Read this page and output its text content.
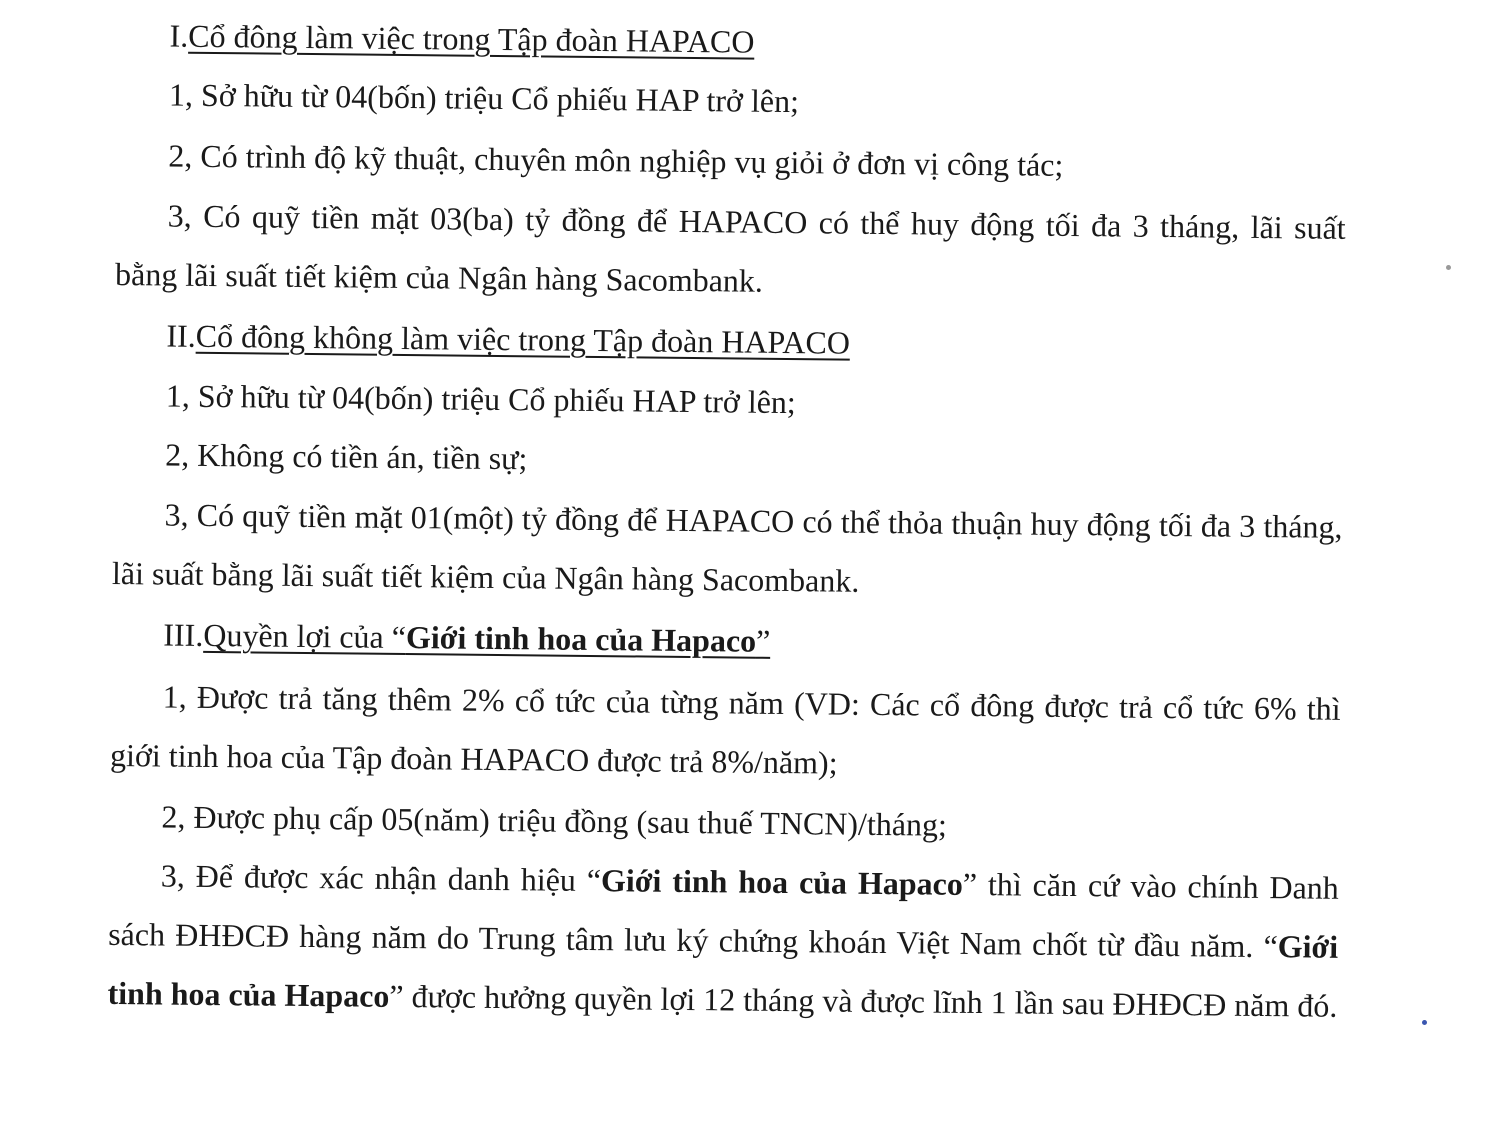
I.Cổ đông làm việc trong Tập đoàn HAPACO
1, Sở hữu từ 04(bốn) triệu Cổ phiếu HAP trở lên;
2, Có trình độ kỹ thuật, chuyên môn nghiệp vụ giỏi ở đơn vị công tác;
3, Có quỹ tiền mặt 03(ba) tỷ đồng để HAPACO có thể huy động tối đa 3 tháng, lãi suất bằng lãi suất tiết kiệm của Ngân hàng Sacombank.
II.Cổ đông không làm việc trong Tập đoàn HAPACO
1, Sở hữu từ 04(bốn) triệu Cổ phiếu HAP trở lên;
2, Không có tiền án, tiền sự;
3, Có quỹ tiền mặt 01(một) tỷ đồng để HAPACO có thể thỏa thuận huy động tối đa 3 tháng, lãi suất bằng lãi suất tiết kiệm của Ngân hàng Sacombank.
III.Quyền lợi của “Giới tinh hoa của Hapaco”
1, Được trả tăng thêm 2% cổ tức của từng năm (VD: Các cổ đông được trả cổ tức 6% thì giới tinh hoa của Tập đoàn HAPACO được trả 8%/năm);
2, Được phụ cấp 05(năm) triệu đồng (sau thuế TNCN)/tháng;
3, Để được xác nhận danh hiệu “Giới tinh hoa của Hapaco” thì căn cứ vào chính Danh sách ĐHĐCĐ hàng năm do Trung tâm lưu ký chứng khoán Việt Nam chốt từ đầu năm. “Giới tinh hoa của Hapaco” được hưởng quyền lợi 12 tháng và được lĩnh 1 lần sau ĐHĐCĐ năm đó.
